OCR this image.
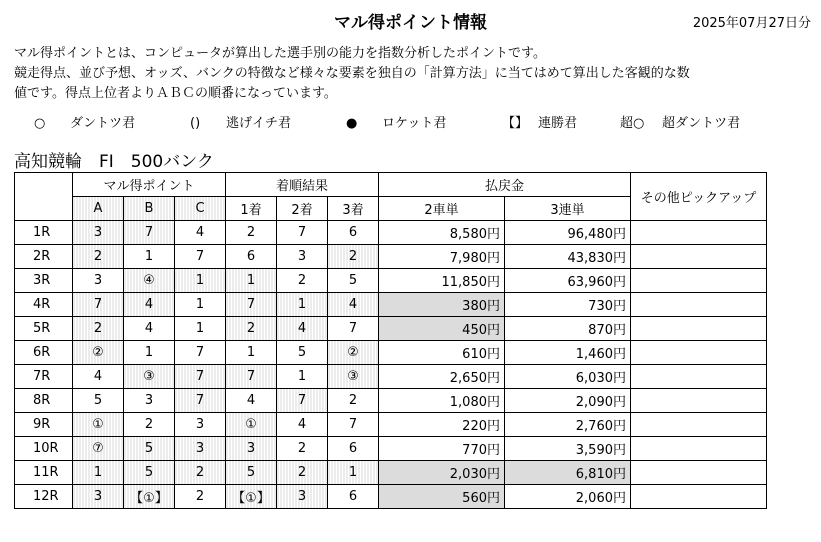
マル得ポイント情報	2025年07月27日分
マル得ポイントとは、コンピュータが算出した選手別の能力を指数分析したポイントです。
競走得点、並び予想、オッズ、バンクの特徴など様々な要素を独自の「計算方法」に当てはめて算出した客観的な数
値です。得点上位者よりＡＢＣの順番になっています。
○ ダントツ君	() 逃げイチ君	● ロケット君	【】 連勝君	超○ 超ダントツ君
高知競輪　FI　500バンク
	マル得ポイント			着順結果			払戻金		その他ピックアップ
	A	B	C	1着	2着	3着	2車単	3連単	
1R	3	7	4	2	7	6	8,580円	96,480円	
2R	2	1	7	6	3	2	7,980円	43,830円	
3R	3	④	1	1	2	5	11,850円	63,960円	
4R	7	4	1	7	1	4	380円	730円	
5R	2	4	1	2	4	7	450円	870円	
6R	②	1	7	1	5	②	610円	1,460円	
7R	4	③	7	7	1	③	2,650円	6,030円	
8R	5	3	7	4	7	2	1,080円	2,090円	
9R	①	2	3	①	4	7	220円	2,760円	
10R	⑦	5	3	3	2	6	770円	3,590円	
11R	1	5	2	5	2	1	2,030円	6,810円	
12R	3	【①】	2	【①】	3	6	560円	2,060円	
